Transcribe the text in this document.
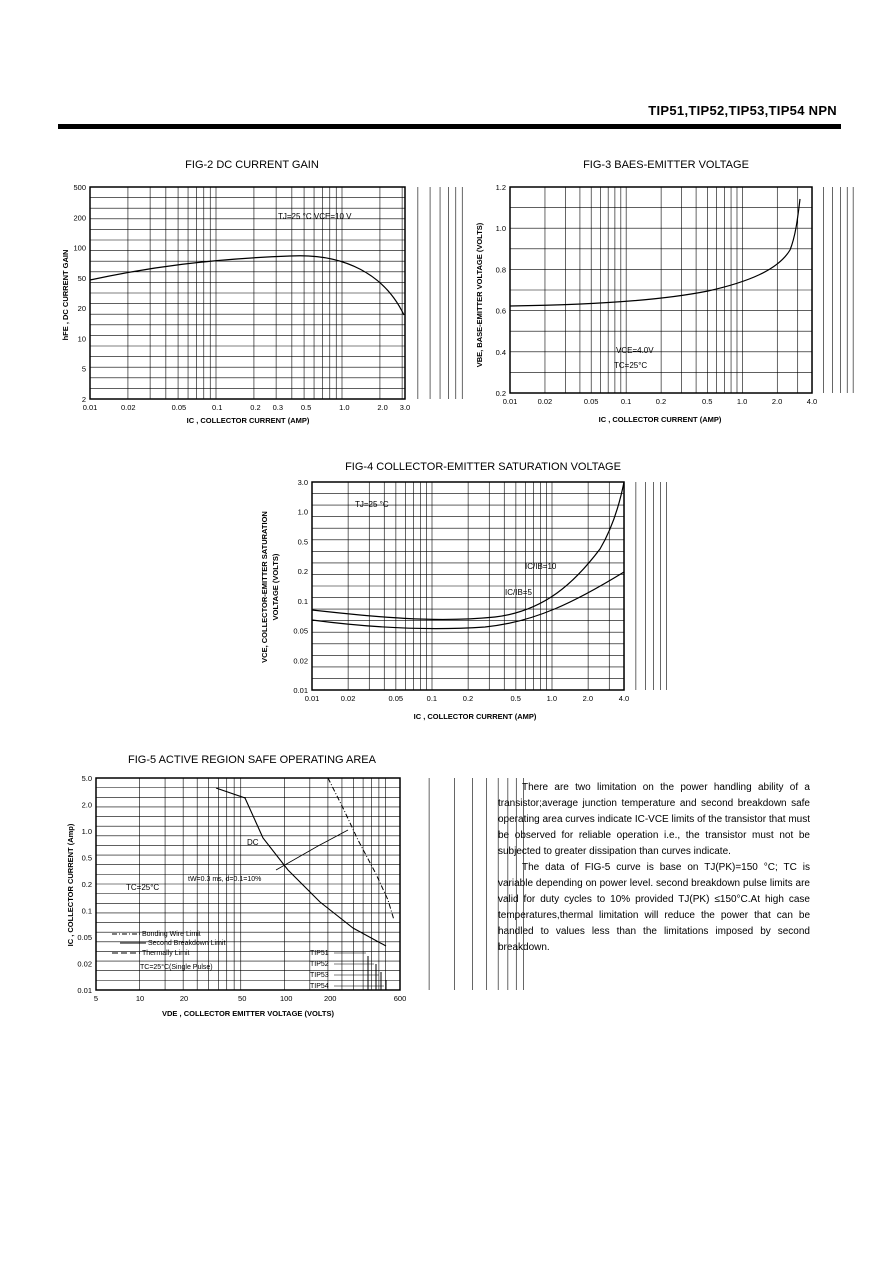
TIP51,TIP52,TIP53,TIP54 NPN
FIG-2 DC CURRENT GAIN
TJ=25 °C VCE=10 V
500
200
100
50
20
10
5
2
0.01	0.02	0.05	0.1	0.2 0.3 0.5	1.0	2.0 3.0
IC , COLLECTOR CURRENT (AMP)
hFE , DC CURRENT GAIN
FIG-3 BAES-EMITTER VOLTAGE
VCE=4.0V
TC=25°C
1.2
1.0
0.8
0.6
0.4
0.2
0.01	0.02	0.05	0.1	0.2	0.5	1.0	2.0	4.0
IC , COLLECTOR CURRENT (AMP)
VBE, BASE-EMITTER VOLTAGE (VOLTS)
FIG-4 COLLECTOR-EMITTER SATURATION VOLTAGE
TJ=25 °C
IC/IB=10
IC/IB=5
3.0
1.0
0.5
0.2
0.1
0.05
0.02
0.01
0.01	0.02	0.05	0.1	0.2	0.5	1.0	2.0	4.0
IC , COLLECTOR CURRENT (AMP)
VCE, COLLECTOR-EMITTER SATURATION VOLTAGE (VOLTS)
FIG-5 ACTIVE REGION SAFE OPERATING AREA
DC
tW=0.3 ms, d=0.1=10%
TC=25°C
Bonding Wire Limit
Second Breakdown Limit
Thermally Limit
TC=25°C(Single Pulse)
TIP51
TIP52
TIP53
TIP54
5.0
2.0
1.0
0.5
0.2
0.1
0.05
0.02
0.01
5	10	20	50	100	200	600
VDE , COLLECTOR EMITTER VOLTAGE (VOLTS)
IC , COLLECTOR CURRENT (Amp)

There are two limitation on the power handling ability of a transistor;average junction temperature and second breakdown safe operating area curves indicate IC-VCE limits of the transistor that must be observed for reliable operation i.e., the transistor must not be subjected to greater dissipation than curves indicate.

The data of FIG-5 curve is base on TJ(PK)=150 °C; TC is variable depending on power level. second breakdown pulse limits are valid for duty cycles to 10% provided TJ(PK) ≤150°C.At high case temperatures,thermal limitation will reduce the power that can be handled to values less than the limitations imposed by second breakdown.
